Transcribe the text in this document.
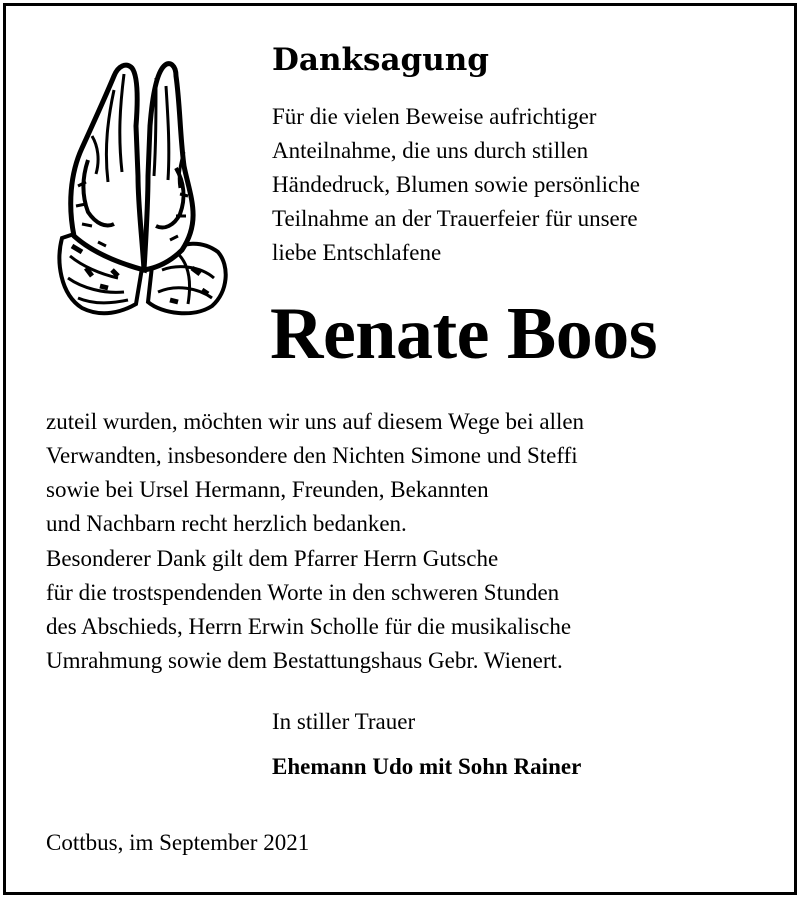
Danksagung
Für die vielen Beweise aufrichtiger
Anteilnahme, die uns durch stillen
Händedruck, Blumen sowie persönliche
Teilnahme an der Trauerfeier für unsere
liebe Entschlafene
Renate Boos
zuteil wurden, möchten wir uns auf diesem Wege bei allen
Verwandten, insbesondere den Nichten Simone und Steffi
sowie bei Ursel Hermann, Freunden, Bekannten
und Nachbarn recht herzlich bedanken.
Besonderer Dank gilt dem Pfarrer Herrn Gutsche
für die trostspendenden Worte in den schweren Stunden
des Abschieds, Herrn Erwin Scholle für die musikalische
Umrahmung sowie dem Bestattungshaus Gebr. Wienert.
In stiller Trauer
Ehemann Udo mit Sohn Rainer
Cottbus, im September 2021
